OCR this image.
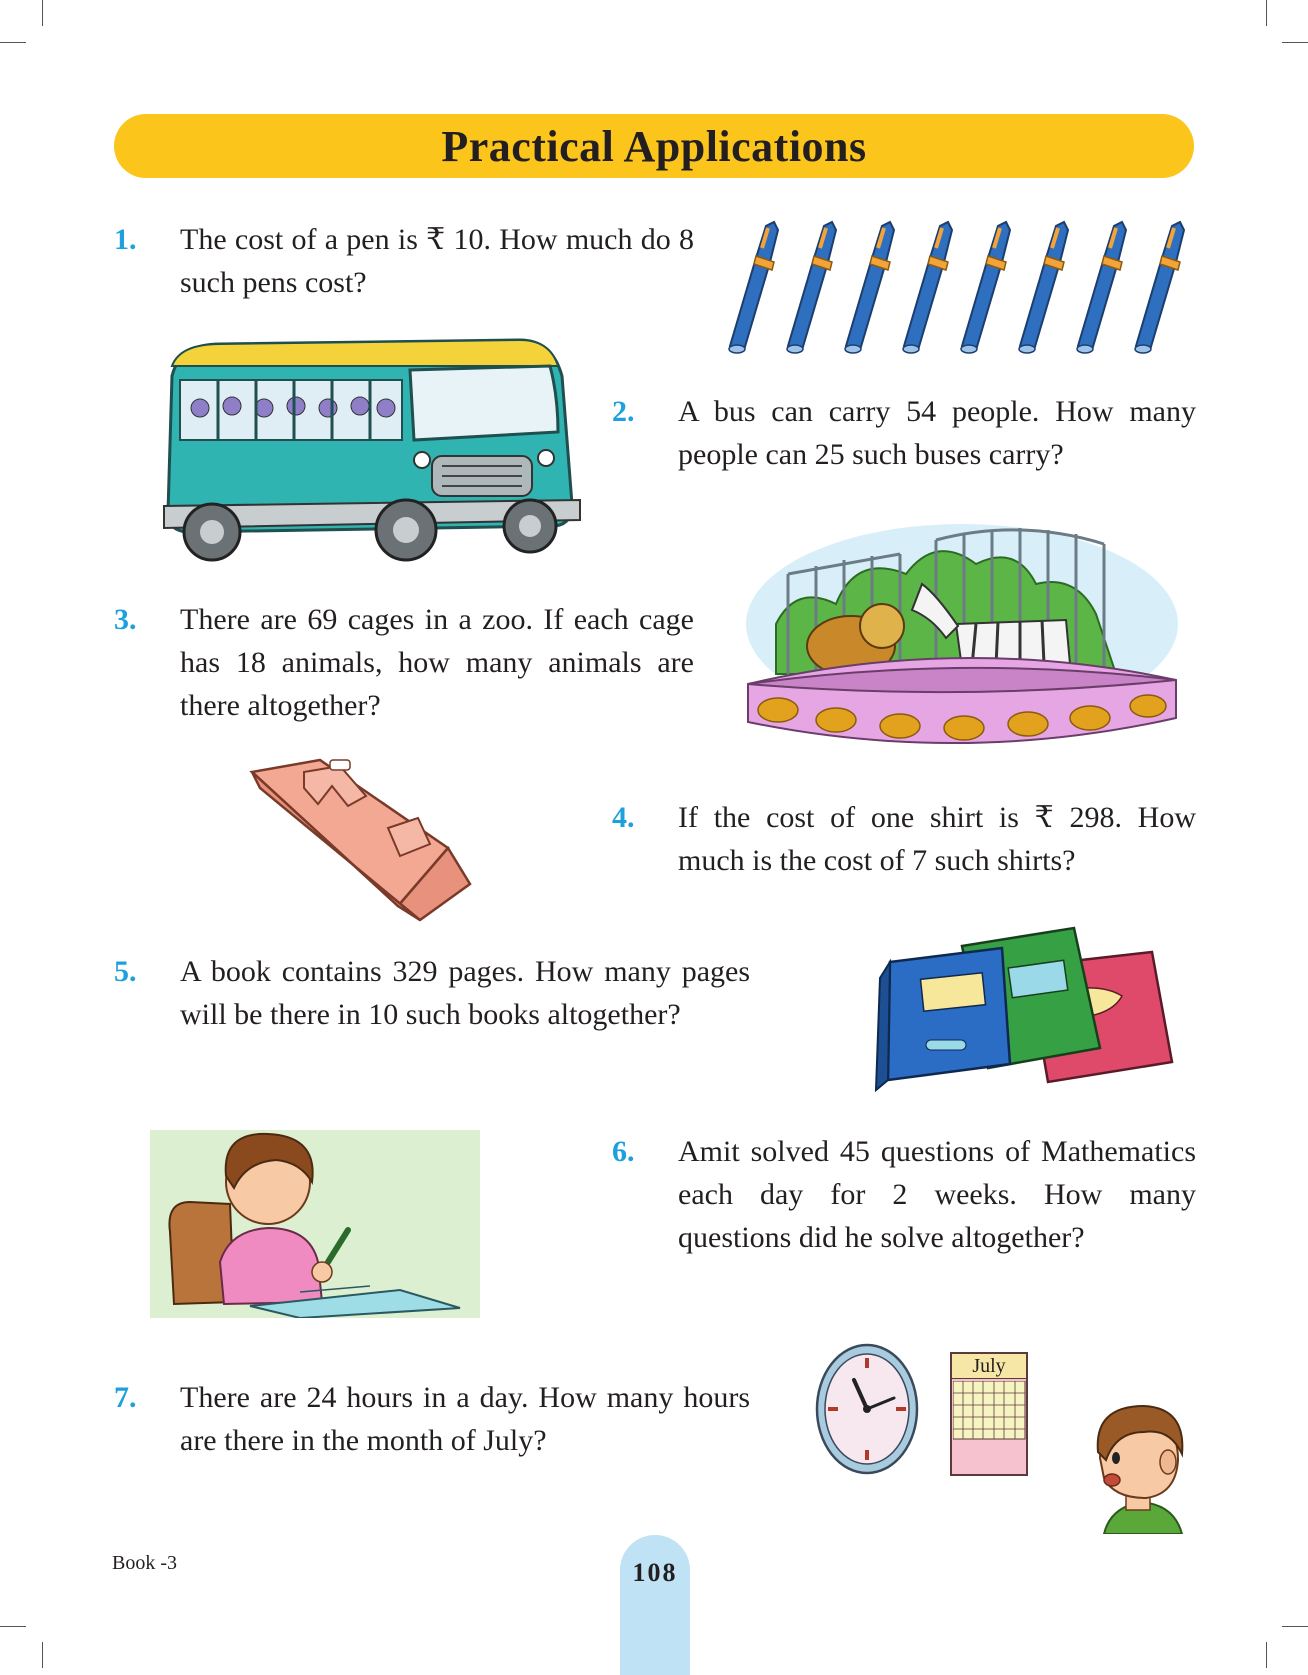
Practical Applications
1. The cost of a pen is ₹ 10. How much do 8 such pens cost?
2. A bus can carry 54 people. How many people can 25 such buses carry?
3. There are 69 cages in a zoo. If each cage has 18 animals, how many animals are there altogether?
4. If the cost of one shirt is ₹ 298. How much is the cost of 7 such shirts?
5. A book contains 329 pages. How many pages will be there in 10 such books altogether?
6. Amit solved 45 questions of Mathematics each day for 2 weeks. How many questions did he solve altogether?
7. There are 24 hours in a day. How many hours are there in the month of July?
July
Book -3	108
